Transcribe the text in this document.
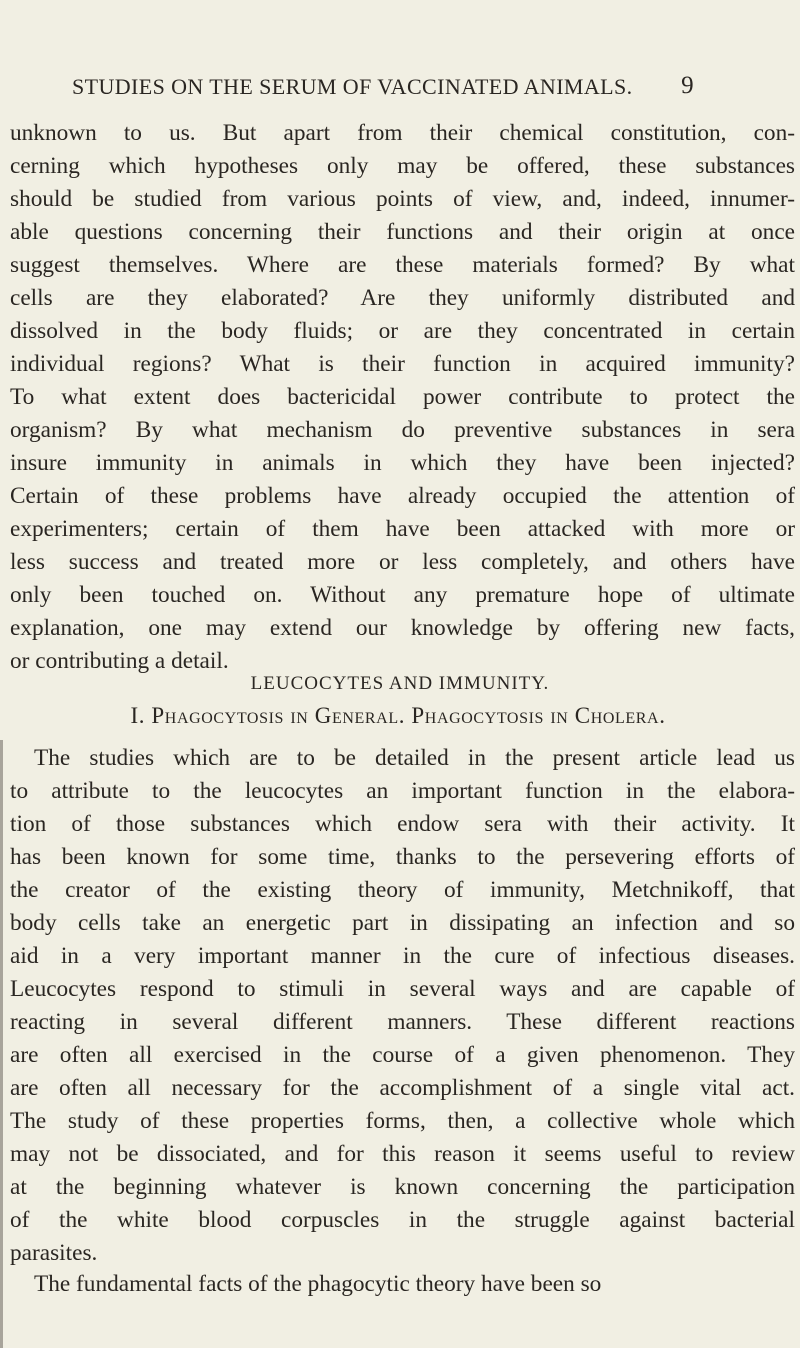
STUDIES ON THE SERUM OF VACCINATED ANIMALS. 9
unknown to us. But apart from their chemical constitution, con-
cerning which hypotheses only may be offered, these substances
should be studied from various points of view, and, indeed, innumer-
able questions concerning their functions and their origin at once
suggest themselves. Where are these materials formed? By what
cells are they elaborated? Are they uniformly distributed and
dissolved in the body fluids; or are they concentrated in certain
individual regions? What is their function in acquired immunity?
To what extent does bactericidal power contribute to protect the
organism? By what mechanism do preventive substances in sera
insure immunity in animals in which they have been injected?
Certain of these problems have already occupied the attention of
experimenters; certain of them have been attacked with more or
less success and treated more or less completely, and others have
only been touched on. Without any premature hope of ultimate
explanation, one may extend our knowledge by offering new facts,
or contributing a detail.
LEUCOCYTES AND IMMUNITY.
I. Phagocytosis in General. Phagocytosis in Cholera.
The studies which are to be detailed in the present article lead us
to attribute to the leucocytes an important function in the elabora-
tion of those substances which endow sera with their activity. It
has been known for some time, thanks to the persevering efforts of
the creator of the existing theory of immunity, Metchnikoff, that
body cells take an energetic part in dissipating an infection and so
aid in a very important manner in the cure of infectious diseases.
Leucocytes respond to stimuli in several ways and are capable of
reacting in several different manners. These different reactions
are often all exercised in the course of a given phenomenon. They
are often all necessary for the accomplishment of a single vital act.
The study of these properties forms, then, a collective whole which
may not be dissociated, and for this reason it seems useful to review
at the beginning whatever is known concerning the participation
of the white blood corpuscles in the struggle against bacterial
parasites.
The fundamental facts of the phagocytic theory have been so
